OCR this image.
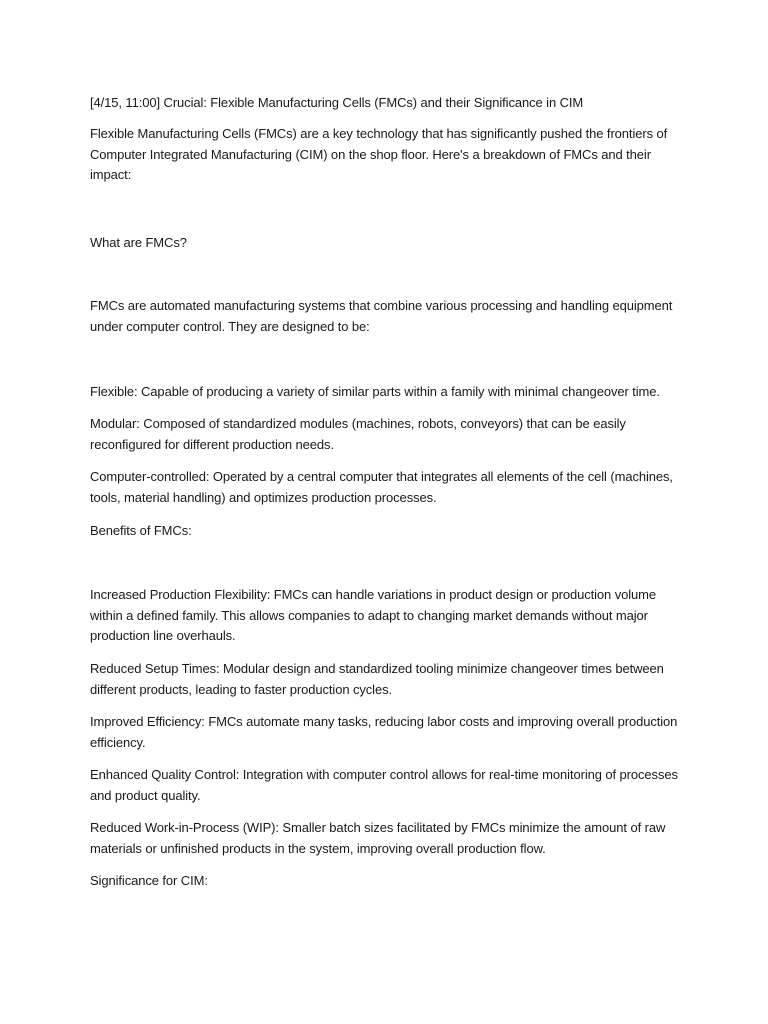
[4/15, 11:00] Crucial: Flexible Manufacturing Cells (FMCs) and their Significance in CIM

Flexible Manufacturing Cells (FMCs) are a key technology that has significantly pushed the frontiers of Computer Integrated Manufacturing (CIM) on the shop floor. Here's a breakdown of FMCs and their impact:

What are FMCs?

FMCs are automated manufacturing systems that combine various processing and handling equipment under computer control. They are designed to be:

Flexible: Capable of producing a variety of similar parts within a family with minimal changeover time.

Modular: Composed of standardized modules (machines, robots, conveyors) that can be easily reconfigured for different production needs.

Computer-controlled: Operated by a central computer that integrates all elements of the cell (machines, tools, material handling) and optimizes production processes.

Benefits of FMCs:

Increased Production Flexibility: FMCs can handle variations in product design or production volume within a defined family. This allows companies to adapt to changing market demands without major production line overhauls.

Reduced Setup Times: Modular design and standardized tooling minimize changeover times between different products, leading to faster production cycles.

Improved Efficiency: FMCs automate many tasks, reducing labor costs and improving overall production efficiency.

Enhanced Quality Control: Integration with computer control allows for real-time monitoring of processes and product quality.

Reduced Work-in-Process (WIP): Smaller batch sizes facilitated by FMCs minimize the amount of raw materials or unfinished products in the system, improving overall production flow.

Significance for CIM:
